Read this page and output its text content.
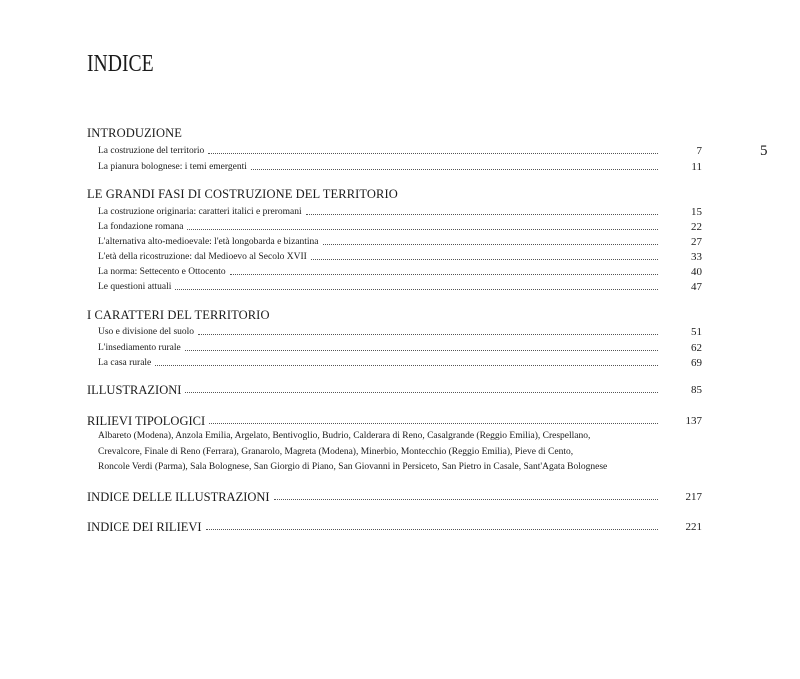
INDICE
5
INTRODUZIONE
La costruzione del territorio	7
La pianura bolognese: i temi emergenti	11
LE GRANDI FASI DI COSTRUZIONE DEL TERRITORIO
La costruzione originaria: caratteri italici e preromani	15
La fondazione romana	22
L'alternativa alto-medioevale: l'età longobarda e bizantina	27
L'età della ricostruzione: dal Medioevo al Secolo XVII	33
La norma: Settecento e Ottocento	40
Le questioni attuali	47
I CARATTERI DEL TERRITORIO
Uso e divisione del suolo	51
L'insediamento rurale	62
La casa rurale	69
ILLUSTRAZIONI	85
RILIEVI TIPOLOGICI	137
Albareto (Modena), Anzola Emilia, Argelato, Bentivoglio, Budrio, Calderara di Reno, Casalgrande (Reggio Emilia), Crespellano,
Crevalcore, Finale di Reno (Ferrara), Granarolo, Magreta (Modena), Minerbio, Montecchio (Reggio Emilia), Pieve di Cento,
Roncole Verdi (Parma), Sala Bolognese, San Giorgio di Piano, San Giovanni in Persiceto, San Pietro in Casale, Sant'Agata Bolognese
INDICE DELLE ILLUSTRAZIONI	217
INDICE DEI RILIEVI	221
